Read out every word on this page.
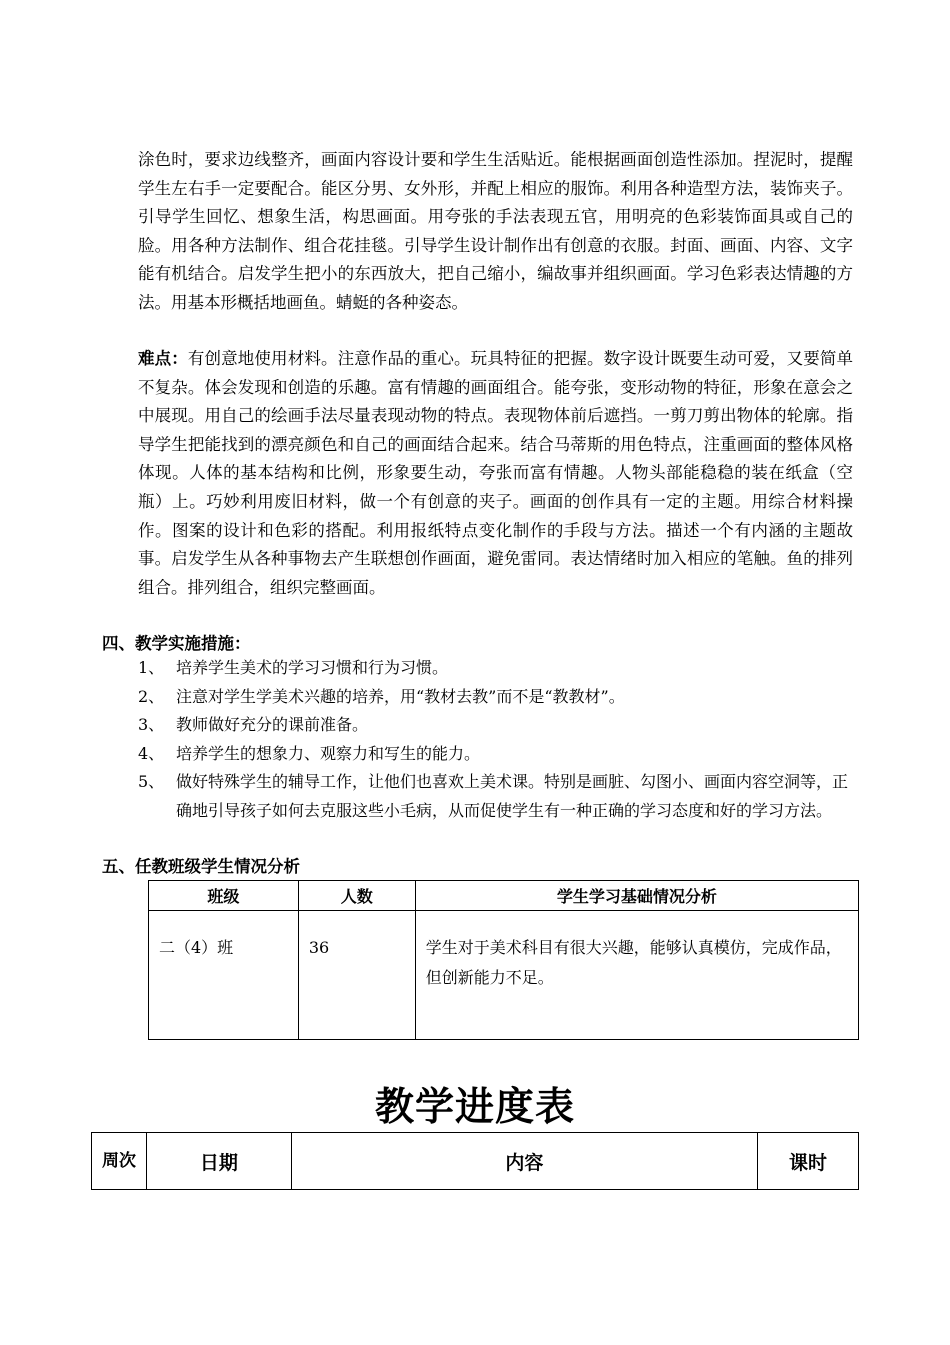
涂色时，要求边线整齐，画面内容设计要和学生生活贴近。能根据画面创造性添加。捏泥时，提醒学生左右手一定要配合。能区分男、女外形，并配上相应的服饰。利用各种造型方法，装饰夹子。引导学生回忆、想象生活，构思画面。用夸张的手法表现五官，用明亮的色彩装饰面具或自己的脸。用各种方法制作、组合花挂毯。引导学生设计制作出有创意的衣服。封面、画面、内容、文字能有机结合。启发学生把小的东西放大，把自己缩小，编故事并组织画面。学习色彩表达情趣的方法。用基本形概括地画鱼。蜻蜓的各种姿态。

难点：有创意地使用材料。注意作品的重心。玩具特征的把握。数字设计既要生动可爱，又要简单不复杂。体会发现和创造的乐趣。富有情趣的画面组合。能夸张，变形动物的特征，形象在意会之中展现。用自己的绘画手法尽量表现动物的特点。表现物体前后遮挡。一剪刀剪出物体的轮廓。指导学生把能找到的漂亮颜色和自己的画面结合起来。结合马蒂斯的用色特点，注重画面的整体风格体现。人体的基本结构和比例，形象要生动，夸张而富有情趣。人物头部能稳稳的装在纸盒（空瓶）上。巧妙利用废旧材料，做一个有创意的夹子。画面的创作具有一定的主题。用综合材料操作。图案的设计和色彩的搭配。利用报纸特点变化制作的手段与方法。描述一个有内涵的主题故事。启发学生从各种事物去产生联想创作画面，避免雷同。表达情绪时加入相应的笔触。鱼的排列组合。排列组合，组织完整画面。

四、教学实施措施：
1、 培养学生美术的学习习惯和行为习惯。
2、 注意对学生学美术兴趣的培养，用“教材去教”而不是“教教材”。
3、 教师做好充分的课前准备。
4、 培养学生的想象力、观察力和写生的能力。
5、 做好特殊学生的辅导工作，让他们也喜欢上美术课。特别是画脏、勾图小、画面内容空洞等，正确地引导孩子如何去克服这些小毛病，从而促使学生有一种正确的学习态度和好的学习方法。
五、任教班级学生情况分析
班级	人数	学生学习基础情况分析
二（4）班	36	学生对于美术科目有很大兴趣，能够认真模仿，完成作品，但创新能力不足。
教学进度表
周次	日期	内容	课时
